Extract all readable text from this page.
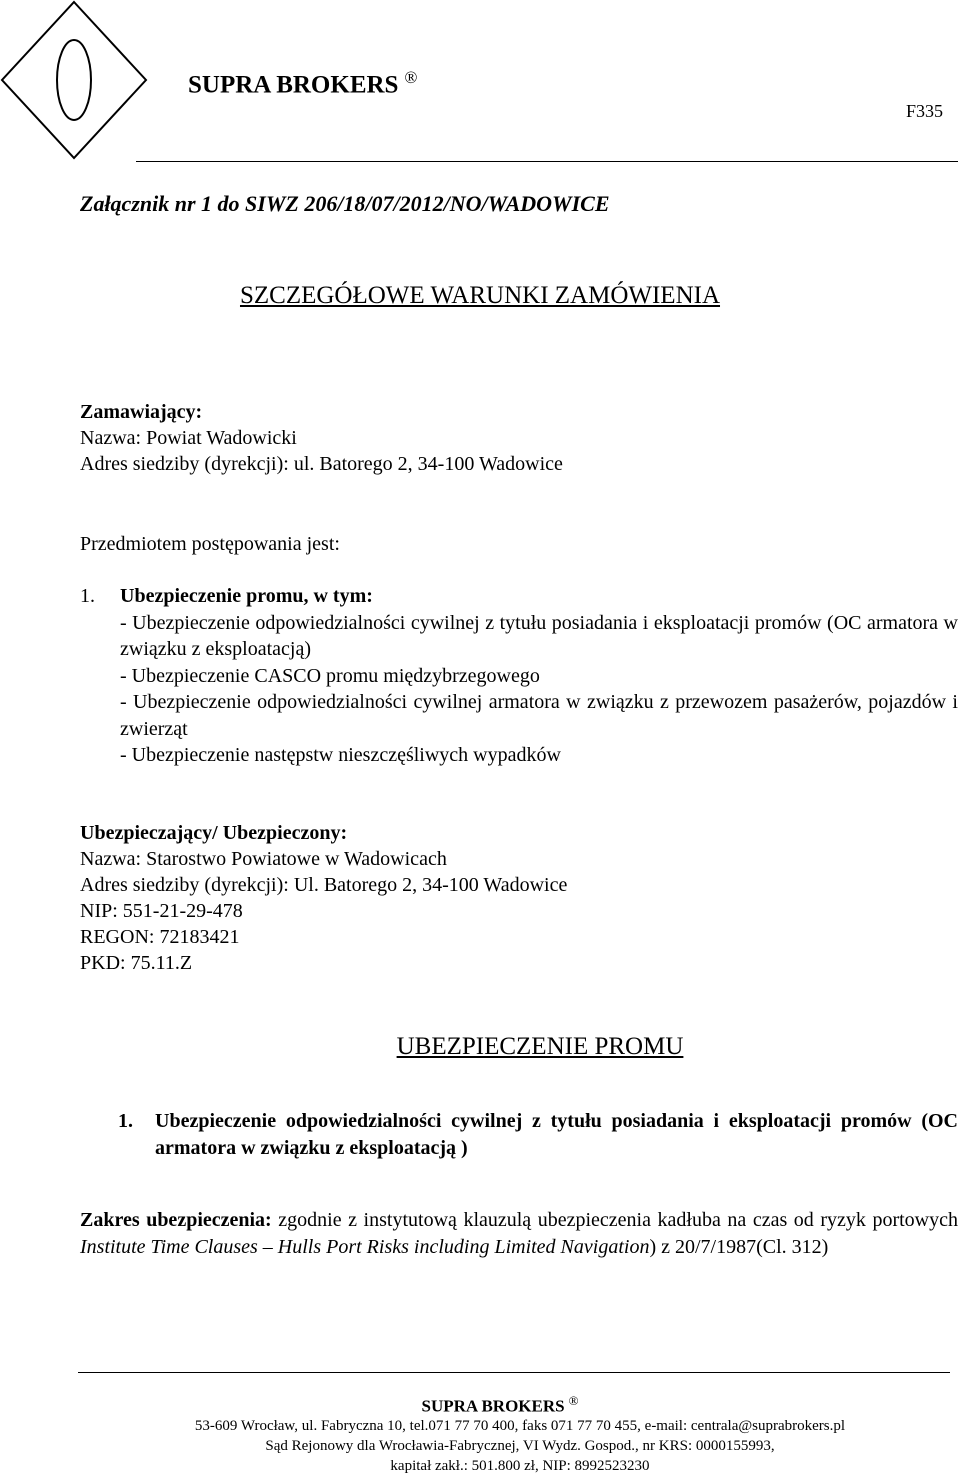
SUPRA BROKERS ®
F335
Załącznik nr 1 do SIWZ 206/18/07/2012/NO/WADOWICE
SZCZEGÓŁOWE WARUNKI ZAMÓWIENIA
Zamawiający:
Nazwa: Powiat Wadowicki
Adres siedziby (dyrekcji): ul. Batorego 2, 34-100 Wadowice
Przedmiotem postępowania jest:
1. Ubezpieczenie promu, w tym:
- Ubezpieczenie odpowiedzialności cywilnej z tytułu posiadania i eksploatacji promów (OC armatora w związku z eksploatacją)
- Ubezpieczenie CASCO promu międzybrzegowego
- Ubezpieczenie odpowiedzialności cywilnej armatora w związku z przewozem pasażerów, pojazdów i zwierząt
- Ubezpieczenie następstw nieszczęśliwych wypadków
Ubezpieczający/ Ubezpieczony:
Nazwa: Starostwo Powiatowe w Wadowicach
Adres siedziby (dyrekcji): Ul. Batorego 2, 34-100 Wadowice
NIP: 551-21-29-478
REGON: 72183421
PKD: 75.11.Z
UBEZPIECZENIE PROMU
1. Ubezpieczenie odpowiedzialności cywilnej z tytułu posiadania i eksploatacji promów (OC armatora w związku z eksploatacją )
Zakres ubezpieczenia: zgodnie z instytutową klauzulą ubezpieczenia kadłuba na czas od ryzyk portowych Institute Time Clauses – Hulls Port Risks including Limited Navigation) z 20/7/1987(Cl. 312)
SUPRA BROKERS ®
53-609 Wrocław, ul. Fabryczna 10, tel.071 77 70 400, faks 071 77 70 455, e-mail: centrala@suprabrokers.pl
Sąd Rejonowy dla Wrocławia-Fabrycznej, VI Wydz. Gospod., nr KRS: 0000155993,
kapitał zakł.: 501.800 zł, NIP: 8992523230
